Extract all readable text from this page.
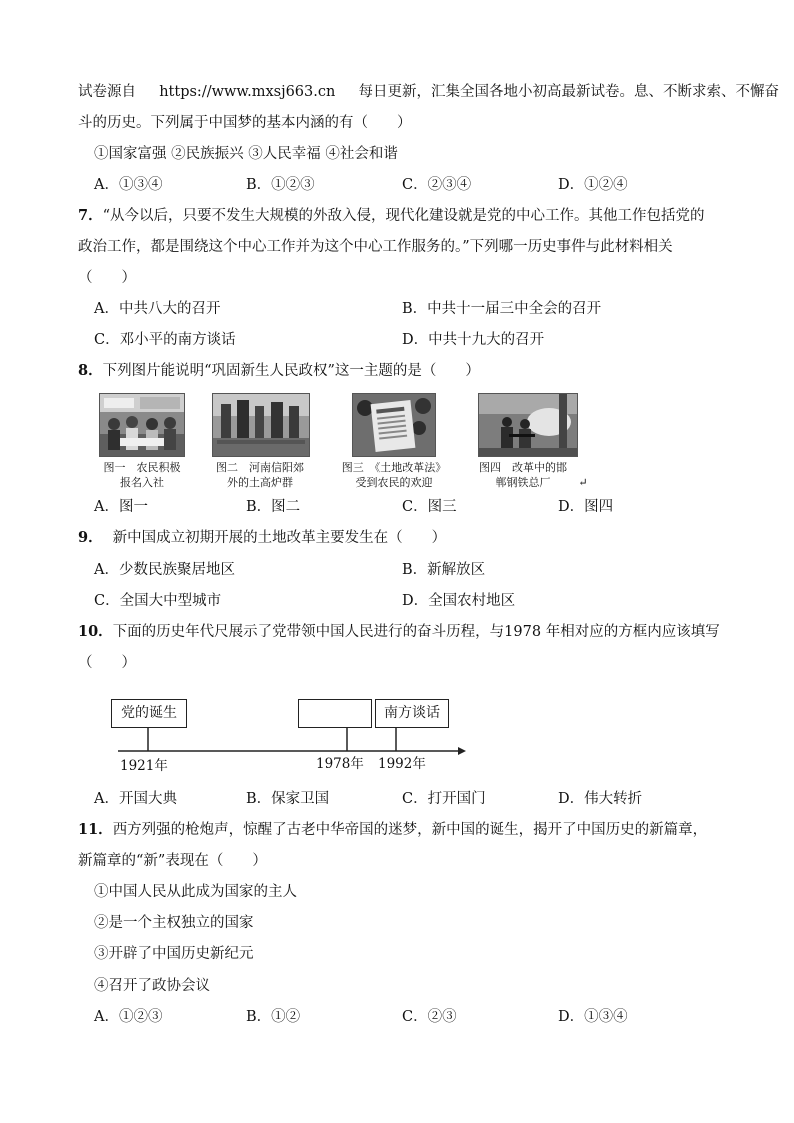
试卷源自 https://www.mxsj663.cn 每日更新，汇集全国各地小初高最新试卷。息、不断求索、不懈奋
斗的历史。下列属于中国梦的基本内涵的有（　　）
①国家富强 ②民族振兴 ③人民幸福 ④社会和谐
A．①③④	B．①②③	C．②③④	D．①②④
7．“从今以后，只要不发生大规模的外敌入侵，现代化建设就是党的中心工作。其他工作包括党的
政治工作，都是围绕这个中心工作并为这个中心工作服务的。”下列哪一历史事件与此材料相关
（　　）
A．中共八大的召开	B．中共十一届三中全会的召开
C．邓小平的南方谈话	D．中共十九大的召开
8．下列图片能说明“巩固新生人民政权”这一主题的是（　　）
图一　农民积极
报名入社
图二　河南信阳郊
外的土高炉群
图三　《土地改革法》
受到农民的欢迎
图四　改革中的邯
郸钢铁总厂	↵
A．图一	B．图二	C．图三	D．图四
9． 新中国成立初期开展的土地改革主要发生在（　　）
A．少数民族聚居地区	B．新解放区
C．全国大中型城市	D．全国农村地区
10．下面的历史年代尺展示了党带领中国人民进行的奋斗历程，与1978 年相对应的方框内应该填写
（　　）
党的诞生	南方谈话
1921年	1978年 1992年
A．开国大典	B．保家卫国	C．打开国门	D．伟大转折
11．西方列强的枪炮声，惊醒了古老中华帝国的迷梦，新中国的诞生，揭开了中国历史的新篇章，
新篇章的“新”表现在（　　）
①中国人民从此成为国家的主人
②是一个主权独立的国家
③开辟了中国历史新纪元
④召开了政协会议
A．①②③	B．①②	C．②③	D．①③④
